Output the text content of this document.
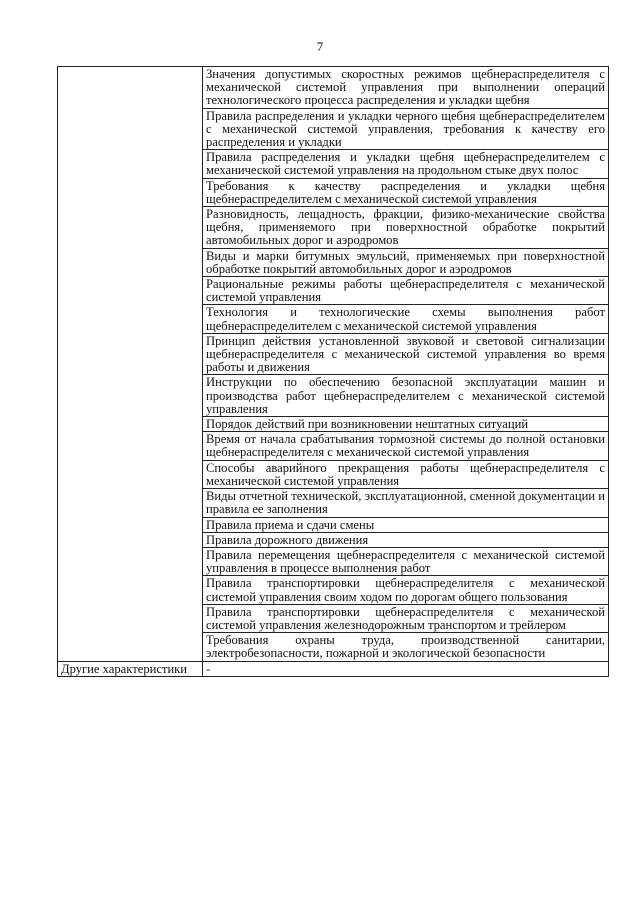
7
	Значения допустимых скоростных режимов щебнераспределителя с механической системой управления при выполнении операций технологического процесса распределения и укладки щебня
	Правила распределения и укладки черного щебня щебнераспределителем с механической системой управления, требования к качеству его распределения и укладки
	Правила распределения и укладки щебня щебнераспределителем с механической системой управления на продольном стыке двух полос
	Требования к качеству распределения и укладки щебня щебнераспределителем с механической системой управления
	Разновидность, лещадность, фракции, физико-механические свойства щебня, применяемого при поверхностной обработке покрытий автомобильных дорог и аэродромов
	Виды и марки битумных эмульсий, применяемых при поверхностной обработке покрытий автомобильных дорог и аэродромов
	Рациональные режимы работы щебнераспределителя с механической системой управления
	Технология и технологические схемы выполнения работ щебнераспределителем с механической системой управления
	Принцип действия установленной звуковой и световой сигнализации щебнераспределителя с механической системой управления во время работы и движения
	Инструкции по обеспечению безопасной эксплуатации машин и производства работ щебнераспределителем с механической системой управления
	Порядок действий при возникновении нештатных ситуаций
	Время от начала срабатывания тормозной системы до полной остановки щебнераспределителя с механической системой управления
	Способы аварийного прекращения работы щебнераспределителя с механической системой управления
	Виды отчетной технической, эксплуатационной, сменной документации и правила ее заполнения
	Правила приема и сдачи смены
	Правила дорожного движения
	Правила перемещения щебнераспределителя с механической системой управления в процессе выполнения работ
	Правила транспортировки щебнераспределителя с механической системой управления своим ходом по дорогам общего пользования
	Правила транспортировки щебнераспределителя с механической системой управления железнодорожным транспортом и трейлером
	Требования охраны труда, производственной санитарии, электробезопасности, пожарной и экологической безопасности
Другие характеристики	-
